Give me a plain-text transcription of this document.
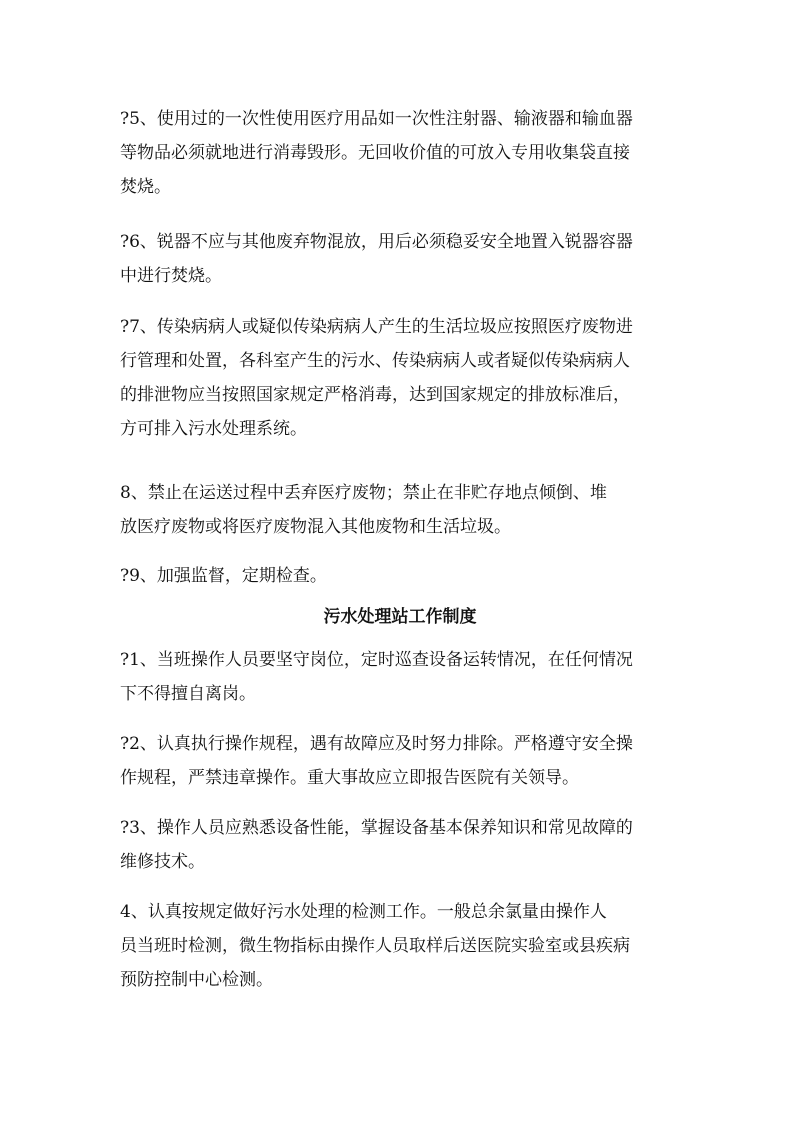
?5、使用过的一次性使用医疗用品如一次性注射器、输液器和输血器
等物品必须就地进行消毒毁形。无回收价值的可放入专用收集袋直接
焚烧。
?6、锐器不应与其他废弃物混放，用后必须稳妥安全地置入锐器容器
中进行焚烧。
?7、传染病病人或疑似传染病病人产生的生活垃圾应按照医疗废物进
行管理和处置，各科室产生的污水、传染病病人或者疑似传染病病人
的排泄物应当按照国家规定严格消毒，达到国家规定的排放标准后，
方可排入污水处理系统。
8、禁止在运送过程中丢弃医疗废物；禁止在非贮存地点倾倒、堆
放医疗废物或将医疗废物混入其他废物和生活垃圾。
?9、加强监督，定期检查。
污水处理站工作制度
?1、当班操作人员要坚守岗位，定时巡查设备运转情况，在任何情况
下不得擅自离岗。
?2、认真执行操作规程，遇有故障应及时努力排除。严格遵守安全操
作规程，严禁违章操作。重大事故应立即报告医院有关领导。
?3、操作人员应熟悉设备性能，掌握设备基本保养知识和常见故障的
维修技术。
4、认真按规定做好污水处理的检测工作。一般总余氯量由操作人
员当班时检测，微生物指标由操作人员取样后送医院实验室或县疾病
预防控制中心检测。
